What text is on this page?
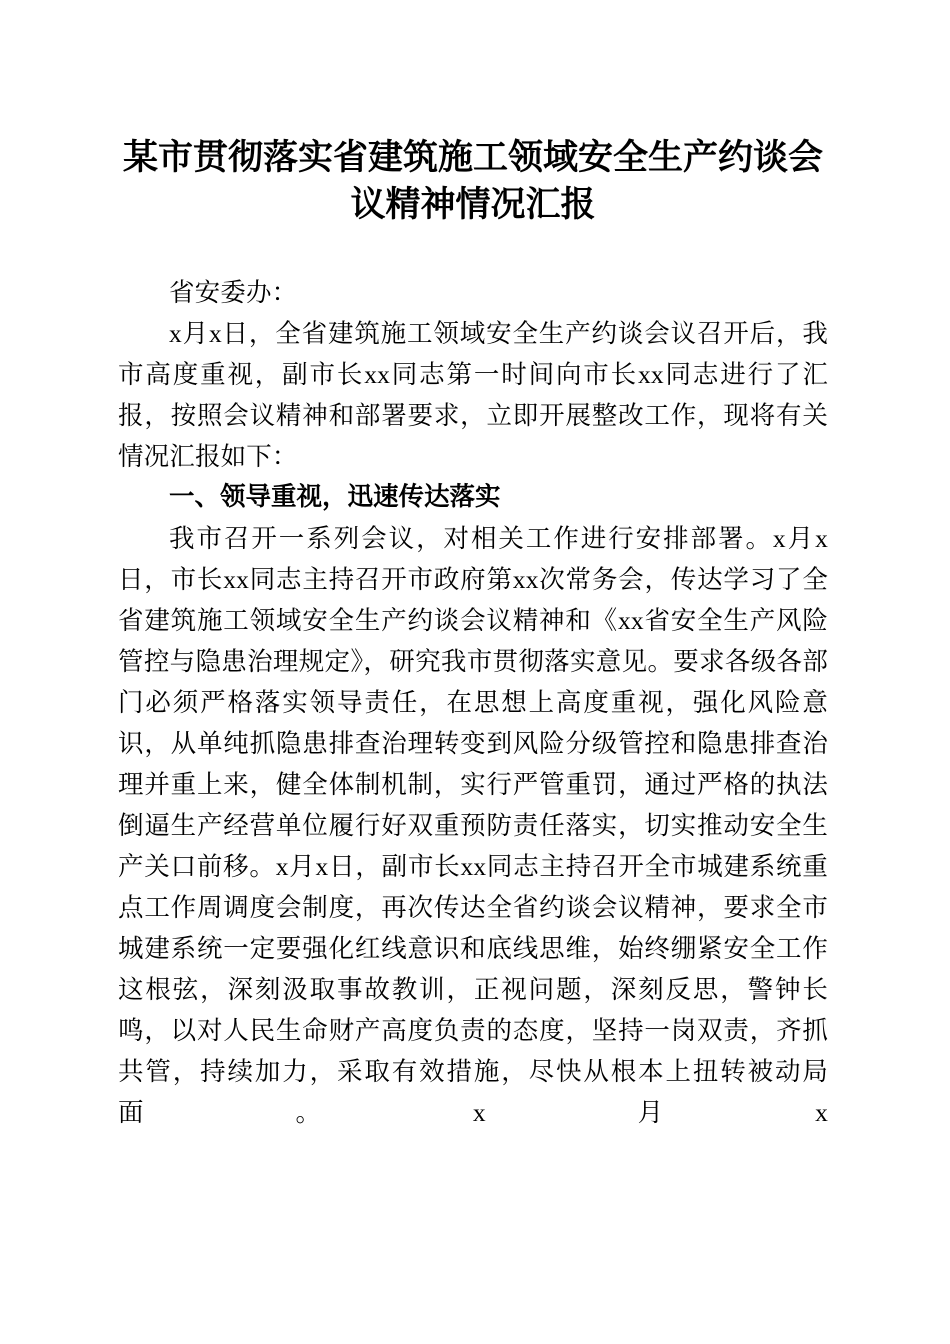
某市贯彻落实省建筑施工领域安全生产约谈会议精神情况汇报

省安委办：

x月x日，全省建筑施工领域安全生产约谈会议召开后，我市高度重视，副市长xx同志第一时间向市长xx同志进行了汇报，按照会议精神和部署要求，立即开展整改工作，现将有关情况汇报如下：

一、领导重视，迅速传达落实

我市召开一系列会议，对相关工作进行安排部署。x月x日，市长xx同志主持召开市政府第xx次常务会，传达学习了全省建筑施工领域安全生产约谈会议精神和《xx省安全生产风险管控与隐患治理规定》，研究我市贯彻落实意见。要求各级各部门必须严格落实领导责任，在思想上高度重视，强化风险意识，从单纯抓隐患排查治理转变到风险分级管控和隐患排查治理并重上来，健全体制机制，实行严管重罚，通过严格的执法倒逼生产经营单位履行好双重预防责任落实，切实推动安全生产关口前移。x月x日，副市长xx同志主持召开全市城建系统重点工作周调度会制度，再次传达全省约谈会议精神，要求全市城建系统一定要强化红线意识和底线思维，始终绷紧安全工作这根弦，深刻汲取事故教训，正视问题，深刻反思，警钟长鸣，以对人民生命财产高度负责的态度，坚持一岗双责，齐抓共管，持续加力，采取有效措施，尽快从根本上扭转被动局面。x月x
